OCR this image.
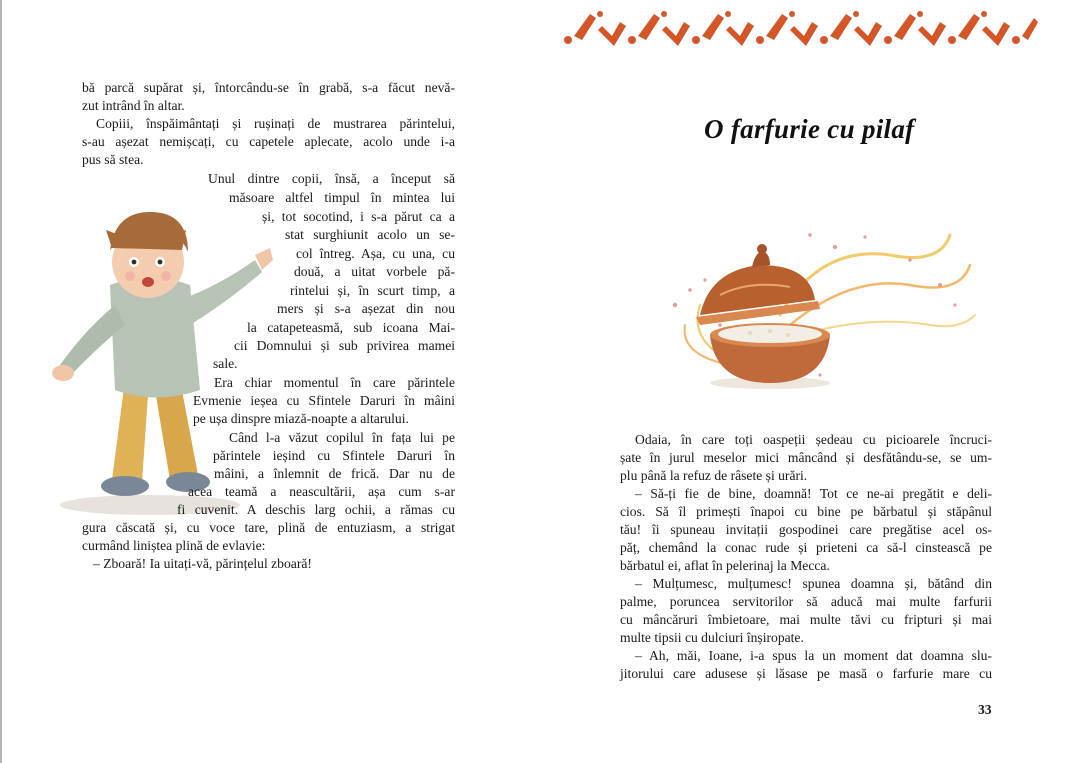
bă parcă supărat și, întorcându-se în grabă, s-a făcut nevă-

zut intrând în altar.

Copiii, înspăimântați și rușinați de mustrarea părintelui,

s-au așezat nemișcați, cu capetele aplecate, acolo unde i-a

pus să stea.

Unul dintre copii, însă, a început să

măsoare altfel timpul în mintea lui

și, tot socotind, i s-a părut ca a

stat surghiunit acolo un se-

col întreg. Așa, cu una, cu

două, a uitat vorbele pă-

rintelui și, în scurt timp, a

mers și s-a așezat din nou

la catapeteasmă, sub icoana Mai-

cii Domnului și sub privirea mamei

sale.

Era chiar momentul în care părintele

Evmenie ieșea cu Sfintele Daruri în mâini

pe ușa dinspre miază-noapte a altarului.

Când l-a văzut copilul în fața lui pe

părintele ieșind cu Sfintele Daruri în

mâini, a înlemnit de frică. Dar nu de

acea teamă a neascultării, așa cum s-ar

fi cuvenit. A deschis larg ochii, a rămas cu

gura căscată și, cu voce tare, plină de entuziasm, a strigat

curmând liniștea plină de evlavie:

– Zboară! Ia uitați-vă, părințelul zboară!

O farfurie cu pilaf

Odaia, în care toți oaspeții ședeau cu picioarele încruci-

șate în jurul meselor mici mâncând și desfătându-se, se um-

plu până la refuz de râsete și urări.

– Să-ți fie de bine, doamnă! Tot ce ne-ai pregătit e deli-

cios. Să îl primești înapoi cu bine pe bărbatul și stăpânul

tău! îi spuneau invitații gospodinei care pregătise acel os-

păț, chemând la conac rude și prieteni ca să-l cinstească pe

bărbatul ei, aflat în pelerinaj la Mecca.

– Mulțumesc, mulțumesc! spunea doamna și, bătând din

palme, poruncea servitorilor să aducă mai multe farfurii

cu mâncăruri îmbietoare, mai multe tăvi cu fripturi și mai

multe tipsii cu dulciuri înșiropate.

– Ah, măi, Ioane, i-a spus la un moment dat doamna slu-

jitorului care adusese și lăsase pe masă o farfurie mare cu

33
